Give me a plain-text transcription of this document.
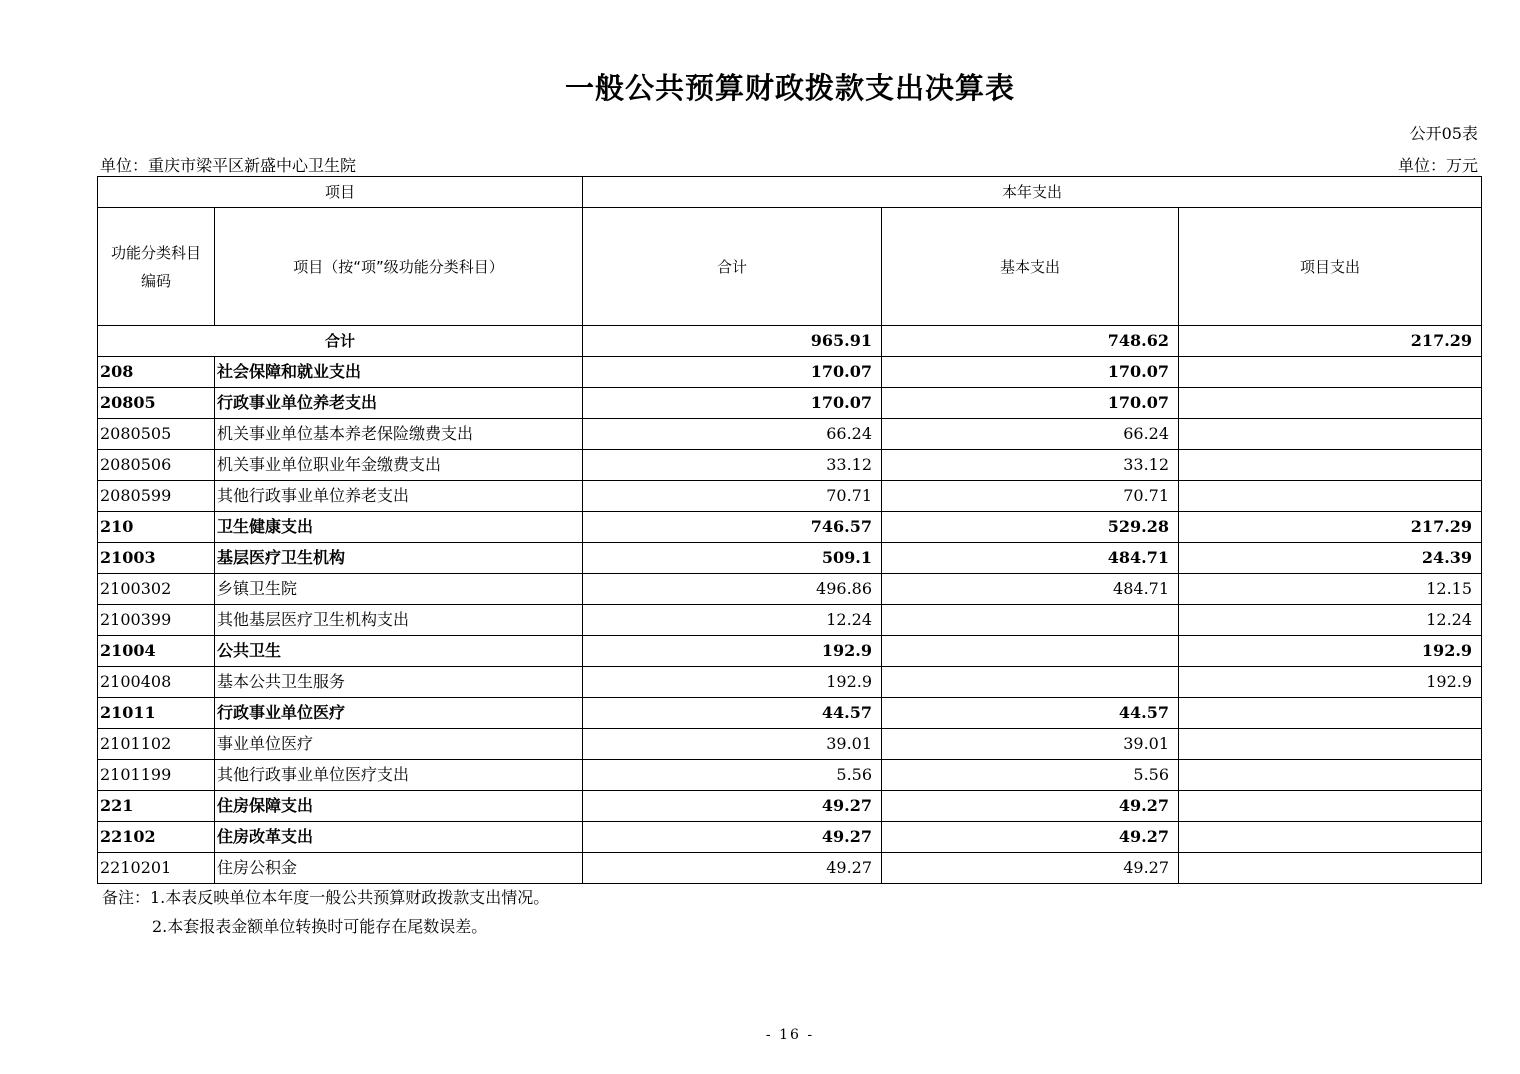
一般公共预算财政拨款支出决算表
公开05表
单位：重庆市梁平区新盛中心卫生院	单位：万元
项目		本年支出		
功能分类科目
编码	项目（按“项”级功能分类科目）	合计	基本支出	项目支出
合计		965.91	748.62	217.29
208	社会保障和就业支出	170.07	170.07	
20805	行政事业单位养老支出	170.07	170.07	
2080505	机关事业单位基本养老保险缴费支出	66.24	66.24	
2080506	机关事业单位职业年金缴费支出	33.12	33.12	
2080599	其他行政事业单位养老支出	70.71	70.71	
210	卫生健康支出	746.57	529.28	217.29
21003	基层医疗卫生机构	509.1	484.71	24.39
2100302	乡镇卫生院	496.86	484.71	12.15
2100399	其他基层医疗卫生机构支出	12.24		12.24
21004	公共卫生	192.9		192.9
2100408	基本公共卫生服务	192.9		192.9
21011	行政事业单位医疗	44.57	44.57	
2101102	事业单位医疗	39.01	39.01	
2101199	其他行政事业单位医疗支出	5.56	5.56	
221	住房保障支出	49.27	49.27	
22102	住房改革支出	49.27	49.27	
2210201	住房公积金	49.27	49.27	
备注：1.本表反映单位本年度一般公共预算财政拨款支出情况。
2.本套报表金额单位转换时可能存在尾数误差。
- 16 -
